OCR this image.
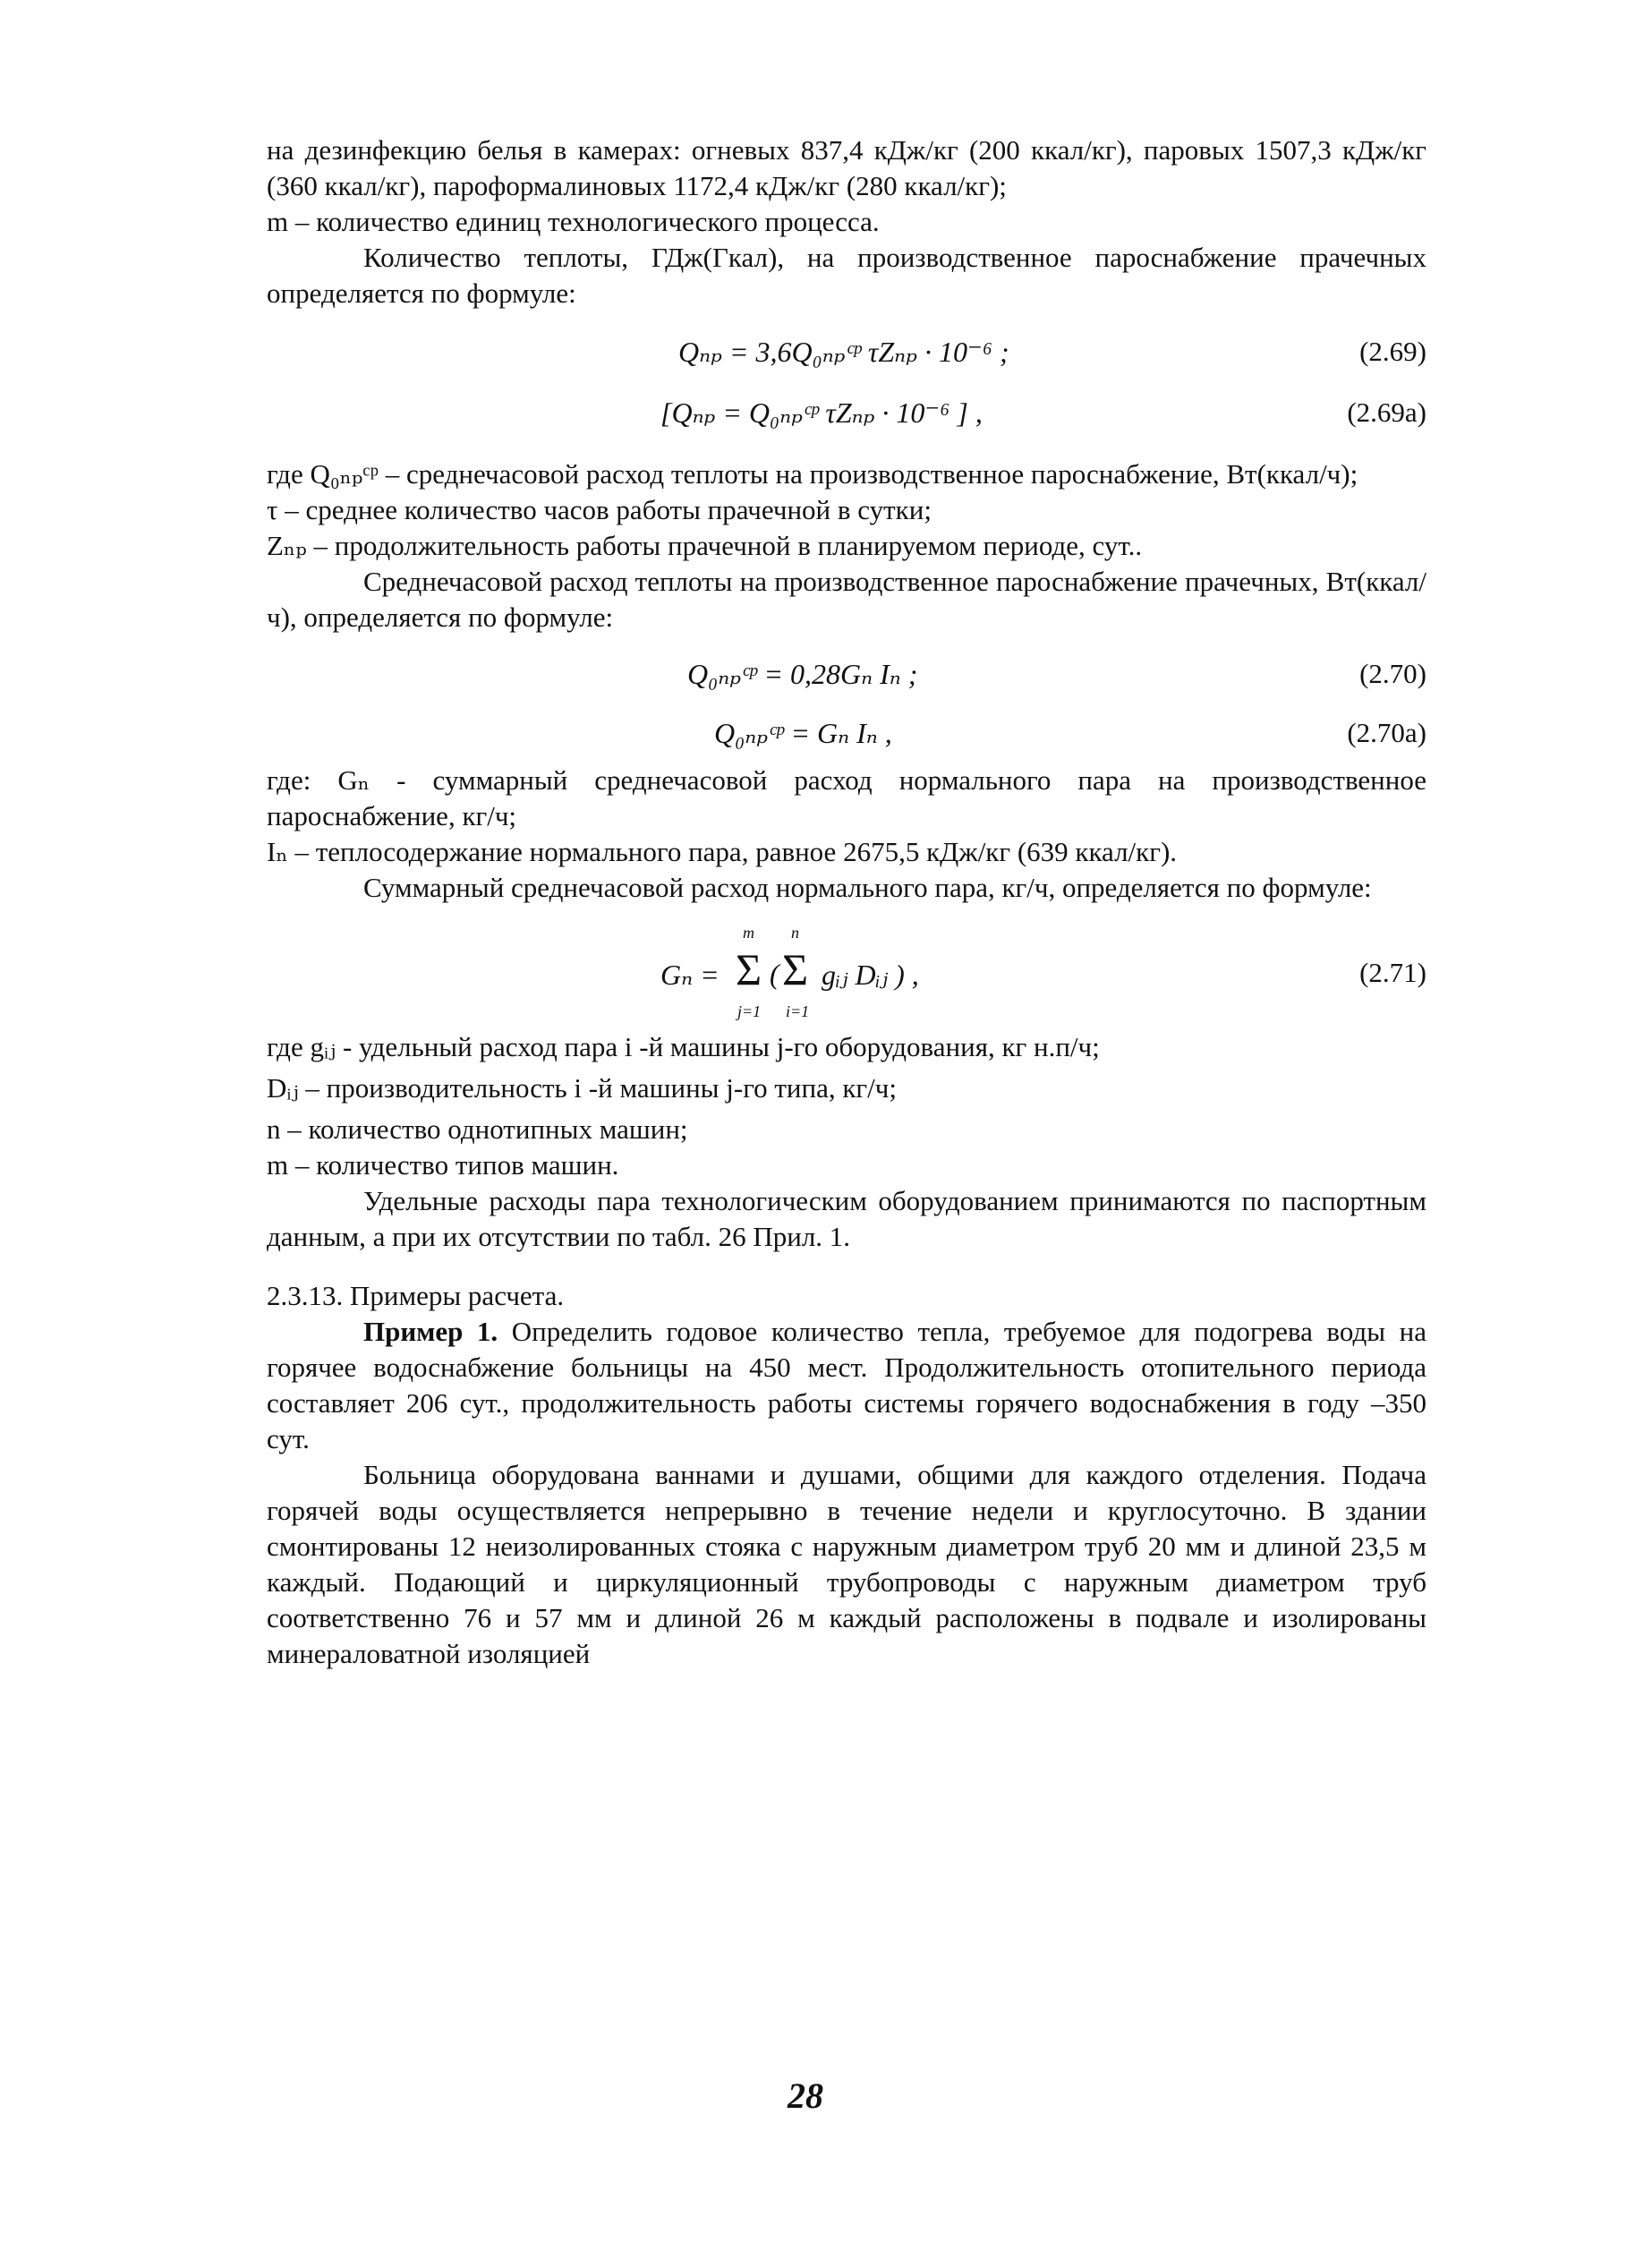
на дезинфекцию белья в камерах: огневых 837,4 кДж/кг (200 ккал/кг), паровых 1507,3 кДж/кг (360 ккал/кг), пароформалиновых 1172,4 кДж/кг (280 ккал/кг);

m – количество единиц технологического процесса.

Количество теплоты, ГДж(Гкал), на производственное пароснабжение прачечных определяется по формуле:

Qₙₚ = 3,6Q₀ₙₚᶜᵖ τZₙₚ · 10⁻⁶ ;	(2.69)
[Qₙₚ = Q₀ₙₚᶜᵖ τZₙₚ · 10⁻⁶ ] ,	(2.69а)

где Q₀ₙₚᶜᵖ – среднечасовой расход теплоты на производственное пароснабжение, Вт(ккал/ч);

τ – среднее количество часов работы прачечной в сутки;

Zₙₚ – продолжительность работы прачечной в планируемом периоде, сут..

Среднечасовой расход теплоты на производственное пароснабжение прачечных, Вт(ккал/ч), определяется по формуле:

Q₀ₙₚᶜᵖ = 0,28Gₙ Iₙ ;	(2.70)
Q₀ₙₚᶜᵖ = Gₙ Iₙ ,	(2.70а)

где: Gₙ - суммарный среднечасовой расход нормального пара на производственное пароснабжение, кг/ч;

Iₙ – теплосодержание нормального пара, равное 2675,5 кДж/кг (639 ккал/кг).

Суммарный среднечасовой расход нормального пара, кг/ч, определяется по формуле:

Gₙ =
m
Σ
j=1
(
n
Σ
i=1
gᵢⱼ Dᵢⱼ ) ,	(2.71)

где gᵢⱼ - удельный расход пара i -й машины j-го оборудования, кг н.п/ч;

Dᵢⱼ – производительность i -й машины j-го типа, кг/ч;

n – количество однотипных машин;

m – количество типов машин.

Удельные расходы пара технологическим оборудованием принимаются по паспортным данным, а при их отсутствии по табл. 26 Прил. 1.

2.3.13. Примеры расчета.

Пример 1. Определить годовое количество тепла, требуемое для подогрева воды на горячее водоснабжение больницы на 450 мест. Продолжительность отопительного периода составляет 206 сут., продолжительность работы системы горячего водоснабжения в году –350 сут.

Больница оборудована ваннами и душами, общими для каждого отделения. Подача горячей воды осуществляется непрерывно в течение недели и круглосуточно. В здании смонтированы 12 неизолированных стояка с наружным диаметром труб 20 мм и длиной 23,5 м каждый. Подающий и циркуляционный трубопроводы с наружным диаметром труб соответственно 76 и 57 мм и длиной 26 м каждый расположены в подвале и изолированы минераловатной изоляцией

28
